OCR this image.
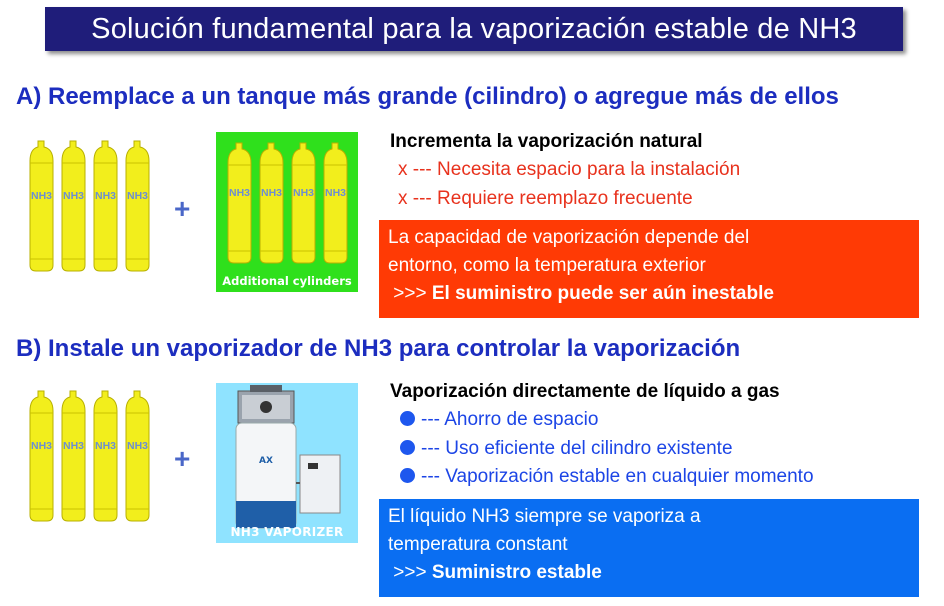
Solución fundamental para la vaporización estable de NH3
A) Reemplace a un tanque más grande (cilindro) o agregue más de ellos
NH3 NH3 NH3 NH3 +	NH3 NH3 NH3 NH3
Additional cylinders
Incrementa la vaporización natural
x --- Necesita espacio para la instalación
x --- Requiere reemplazo frecuente
La capacidad de vaporización depende del
entorno, como la temperatura exterior
>>> El suministro puede ser aún inestable
B) Instale un vaporizador de NH3 para controlar la vaporización
NH3 NH3 NH3 NH3 +	AX
NH3 VAPORIZER
Vaporización directamente de líquido a gas
--- Ahorro de espacio
--- Uso eficiente del cilindro existente
--- Vaporización estable en cualquier momento
El líquido NH3 siempre se vaporiza a
temperatura constant
>>> Suministro estable
